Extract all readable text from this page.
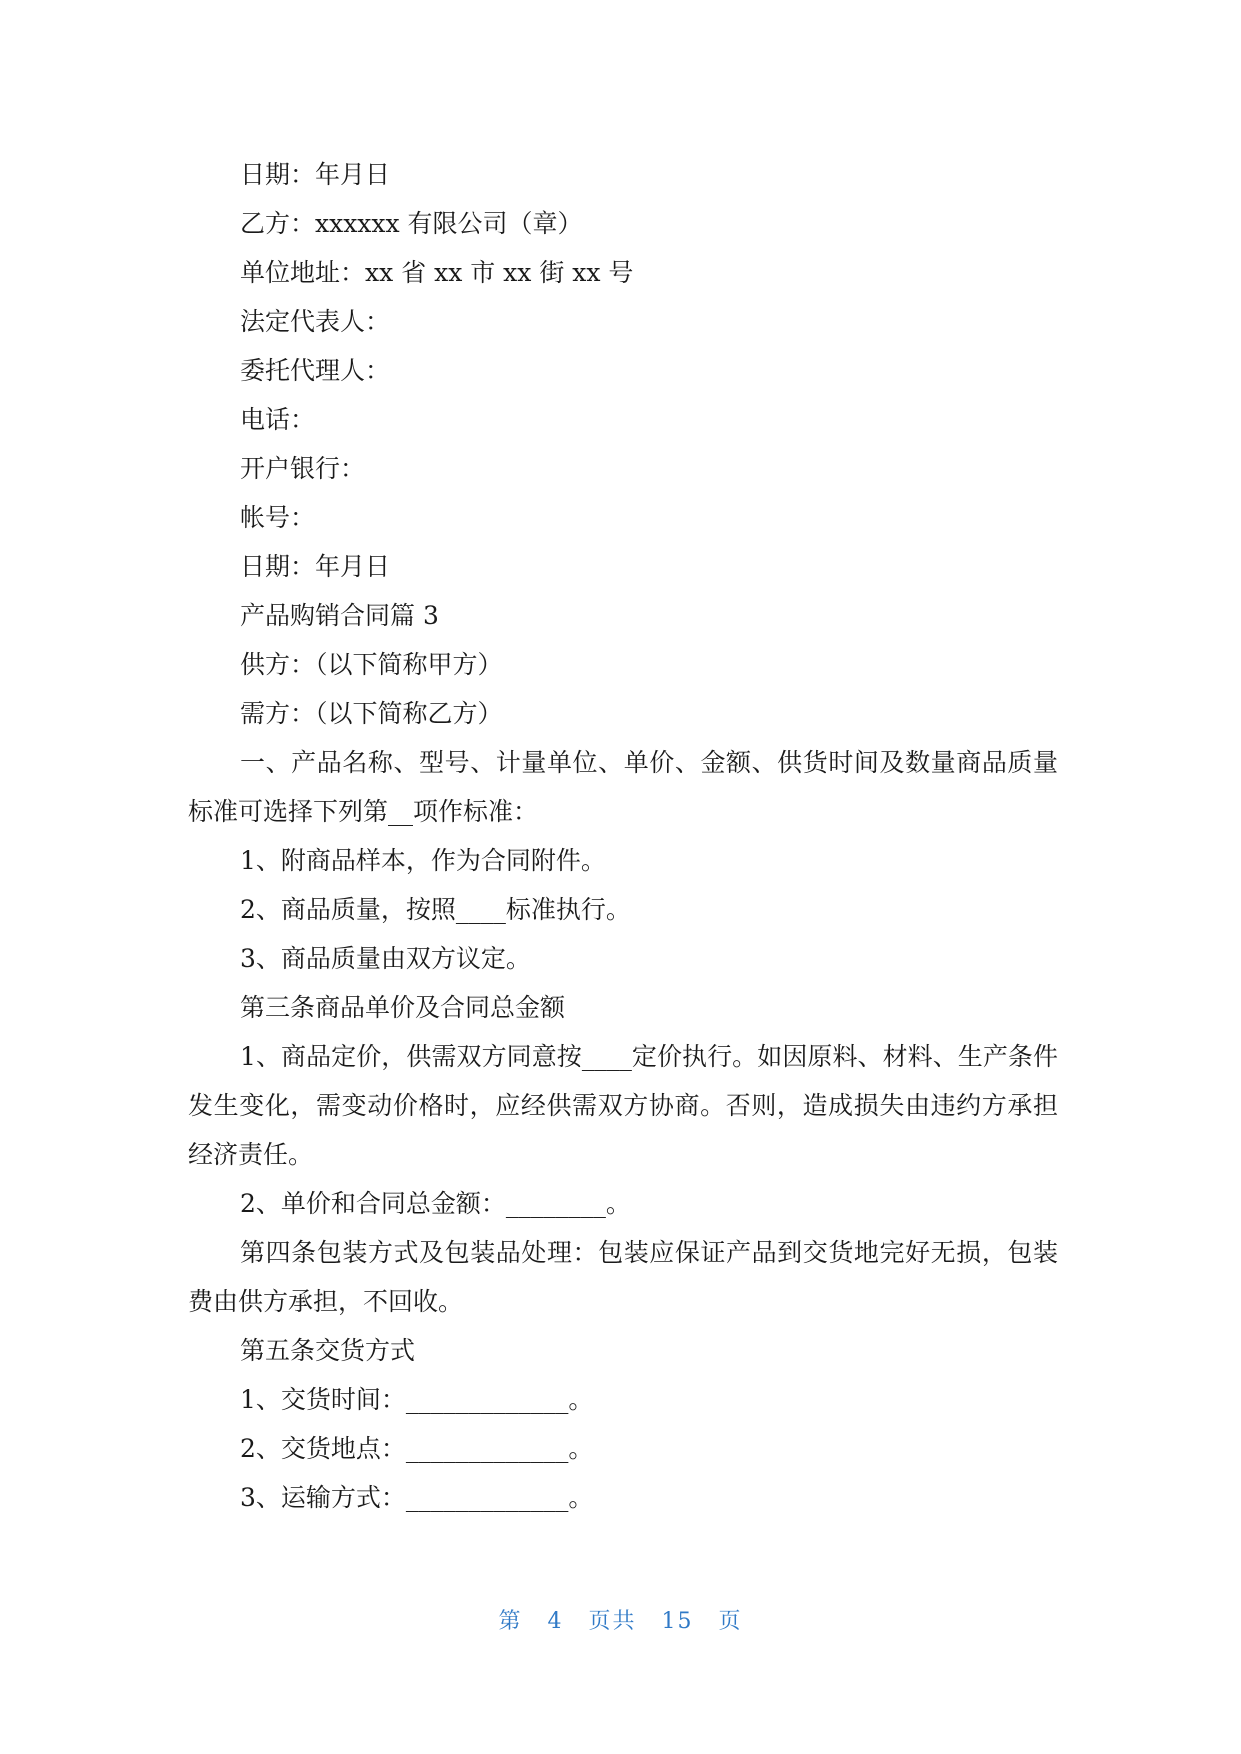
日期：年月日
乙方：xxxxxx 有限公司（章）
单位地址：xx 省 xx 市 xx 街 xx 号
法定代表人：
委托代理人：
电话：
开户银行：
帐号：
日期：年月日
产品购销合同篇 3
供方：（以下简称甲方）
需方：（以下简称乙方）
一、产品名称、型号、计量单位、单价、金额、供货时间及数量商品质量标准可选择下列第__项作标准：
1、附商品样本，作为合同附件。
2、商品质量，按照____标准执行。
3、商品质量由双方议定。
第三条商品单价及合同总金额
1、商品定价，供需双方同意按____定价执行。如因原料、材料、生产条件发生变化，需变动价格时，应经供需双方协商。否则，造成损失由违约方承担经济责任。
2、单价和合同总金额：________。
第四条包装方式及包装品处理：包装应保证产品到交货地完好无损，包装费由供方承担，不回收。
第五条交货方式
1、交货时间：_____________。
2、交货地点：_____________。
3、运输方式：_____________。
第 4 页共 15 页
